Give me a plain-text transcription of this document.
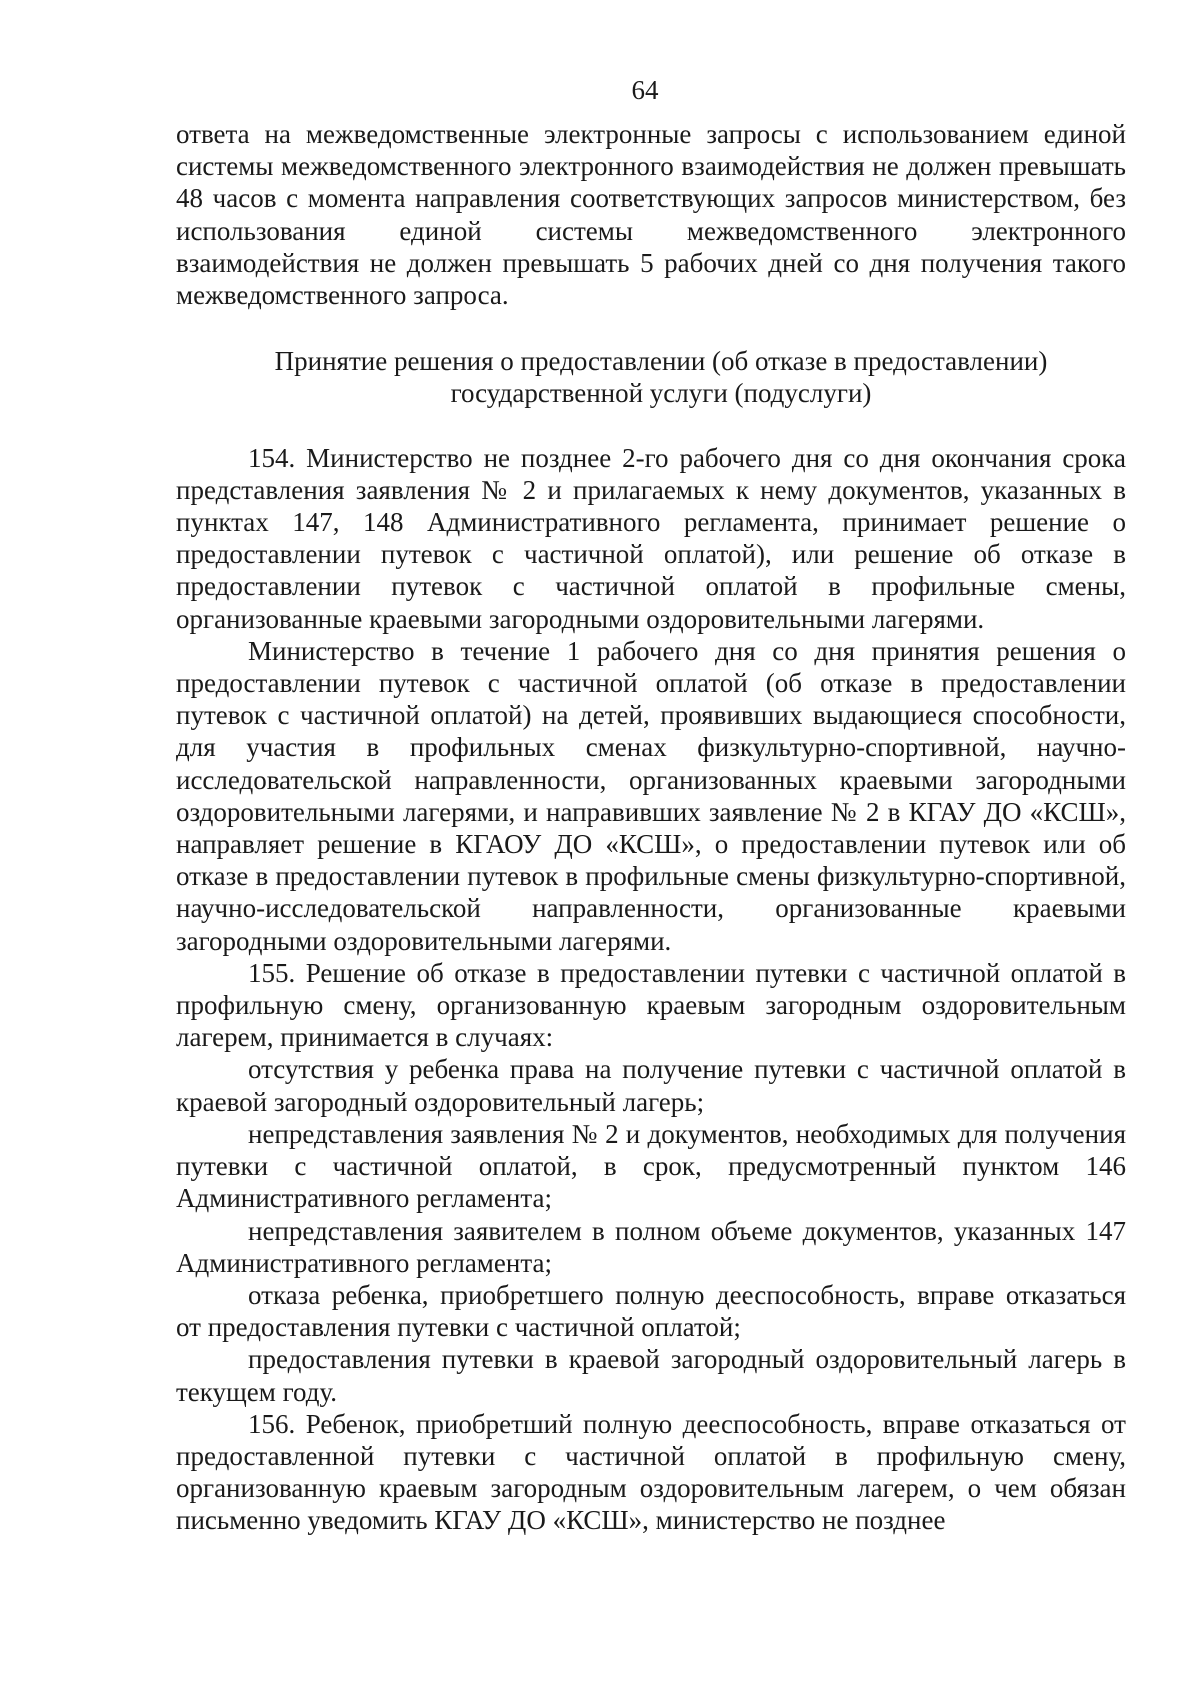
64

ответа на межведомственные электронные запросы с использованием единой системы межведомственного электронного взаимодействия не должен превышать 48 часов с момента направления соответствующих запросов министерством, без использования единой системы межведомственного электронного взаимодействия не должен превышать 5 рабочих дней со дня получения такого межведомственного запроса.

Принятие решения о предоставлении (об отказе в предоставлении)

государственной услуги (подуслуги)

154. Министерство не позднее 2-го рабочего дня со дня окончания срока представления заявления № 2 и прилагаемых к нему документов, указанных в пунктах 147, 148 Административного регламента, принимает решение о предоставлении путевок с частичной оплатой), или решение об отказе в предоставлении путевок с частичной оплатой в профильные смены, организованные краевыми загородными оздоровительными лагерями.

Министерство в течение 1 рабочего дня со дня принятия решения о предоставлении путевок с частичной оплатой (об отказе в предоставлении путевок с частичной оплатой) на детей, проявивших выдающиеся способности, для участия в профильных сменах физкультурно-спортивной, научно-исследовательской направленности, организованных краевыми загородными оздоровительными лагерями, и направивших заявление № 2 в КГАУ ДО «КСШ», направляет решение в КГАОУ ДО «КСШ», о предоставлении путевок или об отказе в предоставлении путевок в профильные смены физкультурно-спортивной, научно-исследовательской направленности, организованные краевыми загородными оздоровительными лагерями.

155. Решение об отказе в предоставлении путевки с частичной оплатой в профильную смену, организованную краевым загородным оздоровительным лагерем, принимается в случаях:

отсутствия у ребенка права на получение путевки с частичной оплатой в краевой загородный оздоровительный лагерь;

непредставления заявления № 2 и документов, необходимых для получения путевки с частичной оплатой, в срок, предусмотренный пунктом 146 Административного регламента;

непредставления заявителем в полном объеме документов, указанных 147 Административного регламента;

отказа ребенка, приобретшего полную дееспособность, вправе отказаться от предоставления путевки с частичной оплатой;

предоставления путевки в краевой загородный оздоровительный лагерь в текущем году.

156. Ребенок, приобретший полную дееспособность, вправе отказаться от предоставленной путевки с частичной оплатой в профильную смену, организованную краевым загородным оздоровительным лагерем, о чем обязан письменно уведомить КГАУ ДО «КСШ», министерство не позднее
